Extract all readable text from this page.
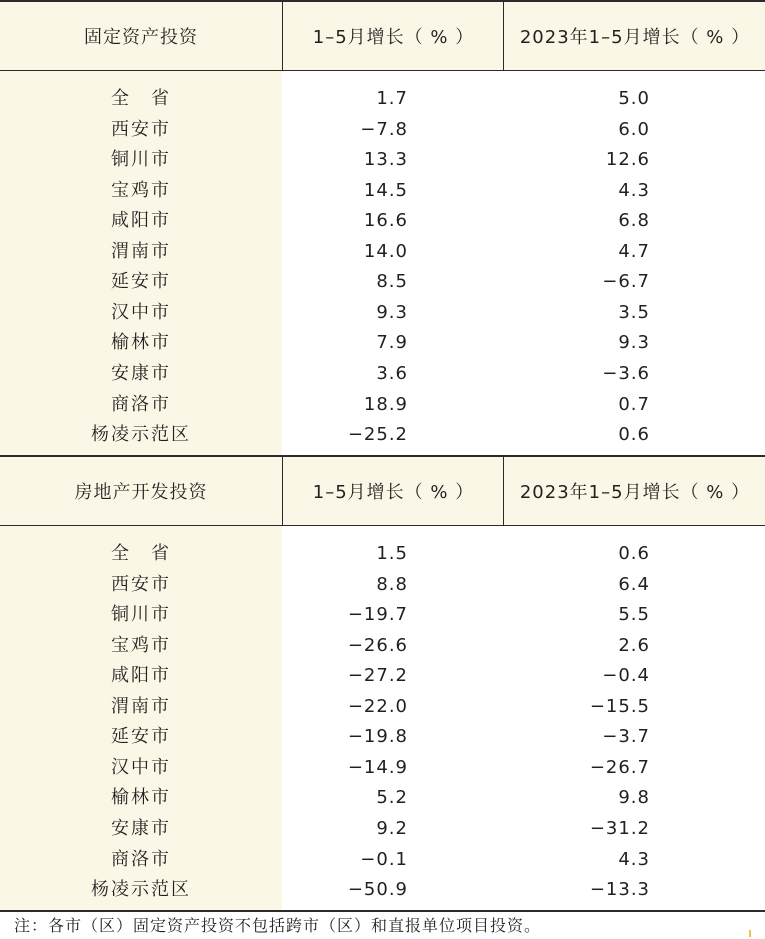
固定资产投资	1–5月增长（ % ）	2023年1–5月增长（ % ）
全　省	1.7	5.0
西安市	−7.8	6.0
铜川市	13.3	12.6
宝鸡市	14.5	4.3
咸阳市	16.6	6.8
渭南市	14.0	4.7
延安市	8.5	−6.7
汉中市	9.3	3.5
榆林市	7.9	9.3
安康市	3.6	−3.6
商洛市	18.9	0.7
杨凌示范区	−25.2	0.6
房地产开发投资	1–5月增长（ % ）	2023年1–5月增长（ % ）
全　省	1.5	0.6
西安市	8.8	6.4
铜川市	−19.7	5.5
宝鸡市	−26.6	2.6
咸阳市	−27.2	−0.4
渭南市	−22.0	−15.5
延安市	−19.8	−3.7
汉中市	−14.9	−26.7
榆林市	5.2	9.8
安康市	9.2	−31.2
商洛市	−0.1	4.3
杨凌示范区	−50.9	−13.3
注：各市（区）固定资产投资不包括跨市（区）和直报单位项目投资。
